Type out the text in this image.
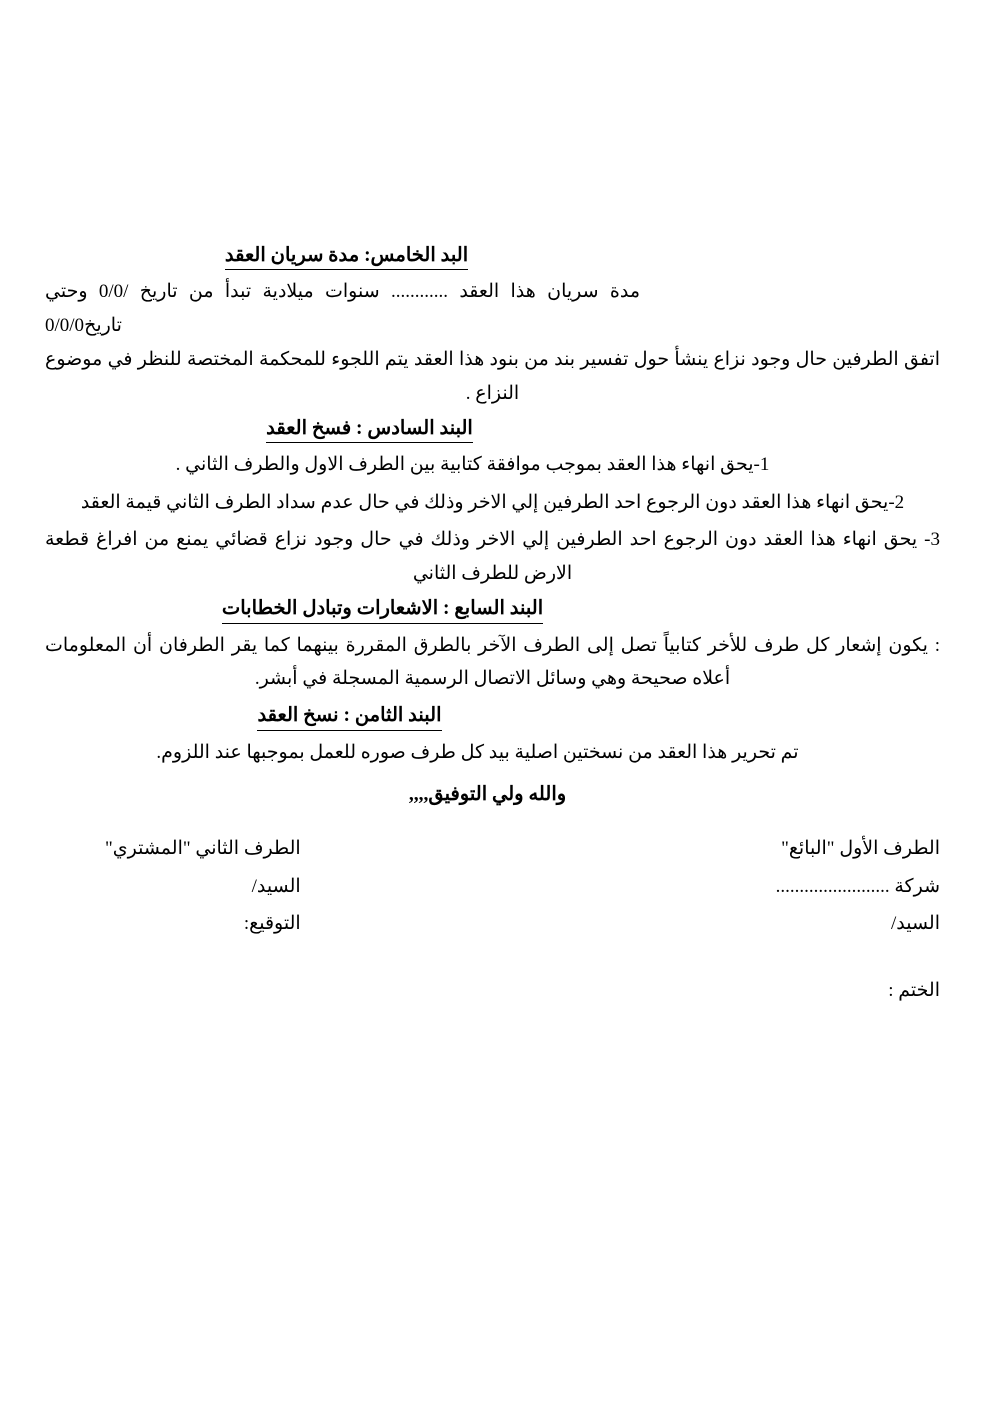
البد الخامس: مدة سريان العقد

مدة سريان هذا العقد ............ سنوات ميلادية تبدأ من تاريخ /0/0 وحتي تاريخ0/0/0

اتفق الطرفين حال وجود نزاع ينشأ حول تفسير بند من بنود هذا العقد يتم اللجوء للمحكمة المختصة للنظر في موضوع النزاع .

البند السادس : فسخ العقد

1-يحق انهاء هذا العقد بموجب موافقة كتابية بين الطرف الاول والطرف الثاني .

2-يحق انهاء هذا العقد دون الرجوع احد الطرفين إلي الاخر وذلك في حال عدم سداد الطرف الثاني قيمة العقد

3- يحق انهاء هذا العقد دون الرجوع احد الطرفين إلي الاخر وذلك في حال وجود نزاع قضائي يمنع من افراغ قطعة الارض للطرف الثاني

البند السابع : الاشعارات وتبادل الخطابات

: يكون إشعار كل طرف للأخر كتابياً تصل إلى الطرف الآخر بالطرق المقررة بينهما كما يقر الطرفان أن المعلومات أعلاه صحيحة وهي وسائل الاتصال الرسمية المسجلة في أبشر.

البند الثامن : نسخ العقد

تم تحرير هذا العقد من نسختين اصلية بيد كل طرف صوره للعمل بموجبها عند اللزوم.

والله ولي التوفيق,,,,
الطرف الأول "البائع"
شركة ........................
السيد/
الختم :
الطرف الثاني "المشتري"
السيد/
التوقيع:
